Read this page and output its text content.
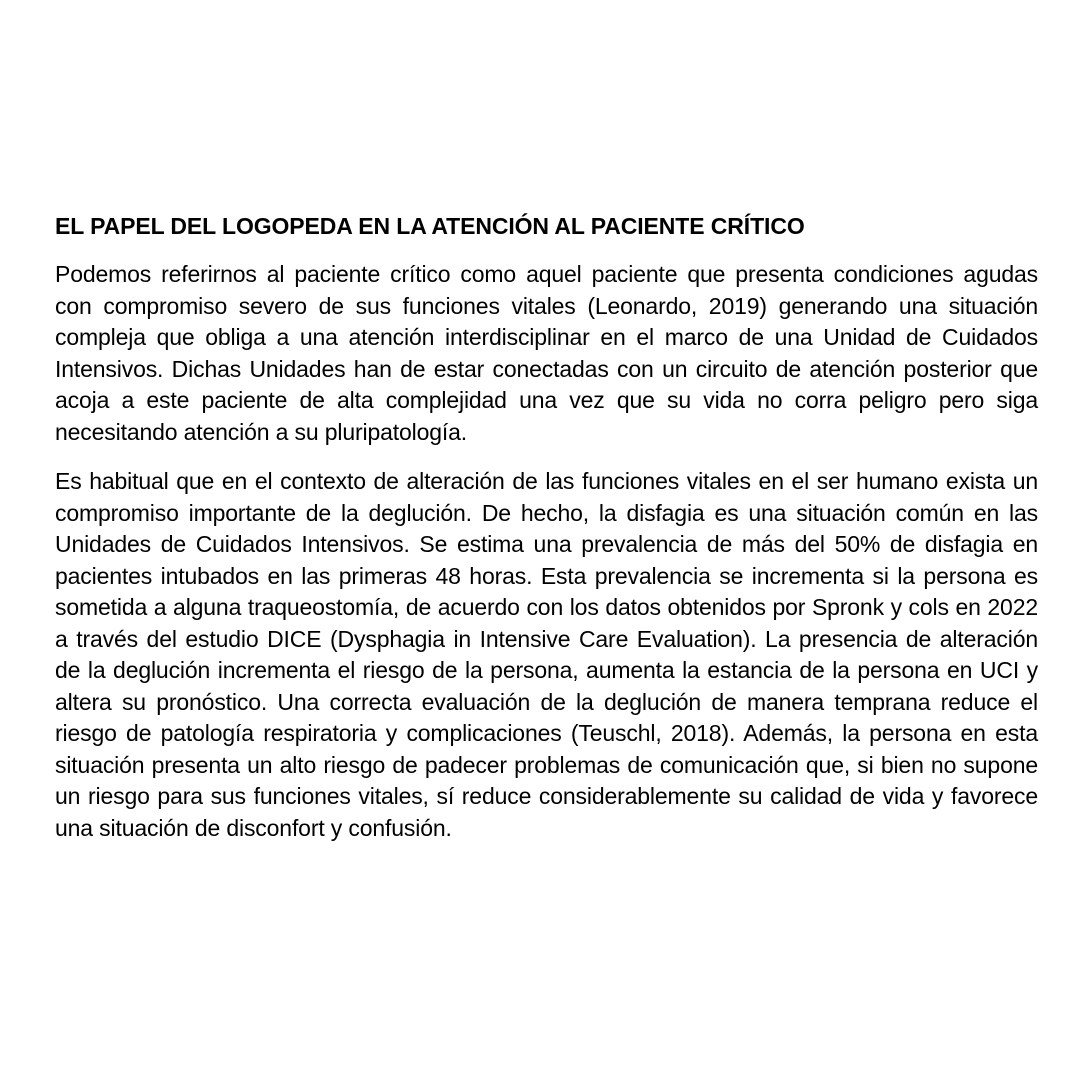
EL PAPEL DEL LOGOPEDA EN LA ATENCIÓN AL PACIENTE CRÍTICO

Podemos referirnos al paciente crítico como aquel paciente que presenta condiciones agudas con compromiso severo de sus funciones vitales (Leonardo, 2019) generando una situación compleja que obliga a una atención interdisciplinar en el marco de una Unidad de Cuidados Intensivos. Dichas Unidades han de estar conectadas con un circuito de atención posterior que acoja a este paciente de alta complejidad una vez que su vida no corra peligro pero siga necesitando atención a su pluripatología.

Es habitual que en el contexto de alteración de las funciones vitales en el ser humano exista un compromiso importante de la deglución. De hecho, la disfagia es una situación común en las Unidades de Cuidados Intensivos. Se estima una prevalencia de más del 50% de disfagia en pacientes intubados en las primeras 48 horas. Esta prevalencia se incrementa si la persona es sometida a alguna traqueostomía, de acuerdo con los datos obtenidos por Spronk y cols en 2022 a través del estudio DICE (Dysphagia in Intensive Care Evaluation). La presencia de alteración de la deglución incrementa el riesgo de la persona, aumenta la estancia de la persona en UCI y altera su pronóstico. Una correcta evaluación de la deglución de manera temprana reduce el riesgo de patología respiratoria y complicaciones (Teuschl, 2018). Además, la persona en esta situación presenta un alto riesgo de padecer problemas de comunicación que, si bien no supone un riesgo para sus funciones vitales, sí reduce considerablemente su calidad de vida y favorece una situación de disconfort y confusión.
